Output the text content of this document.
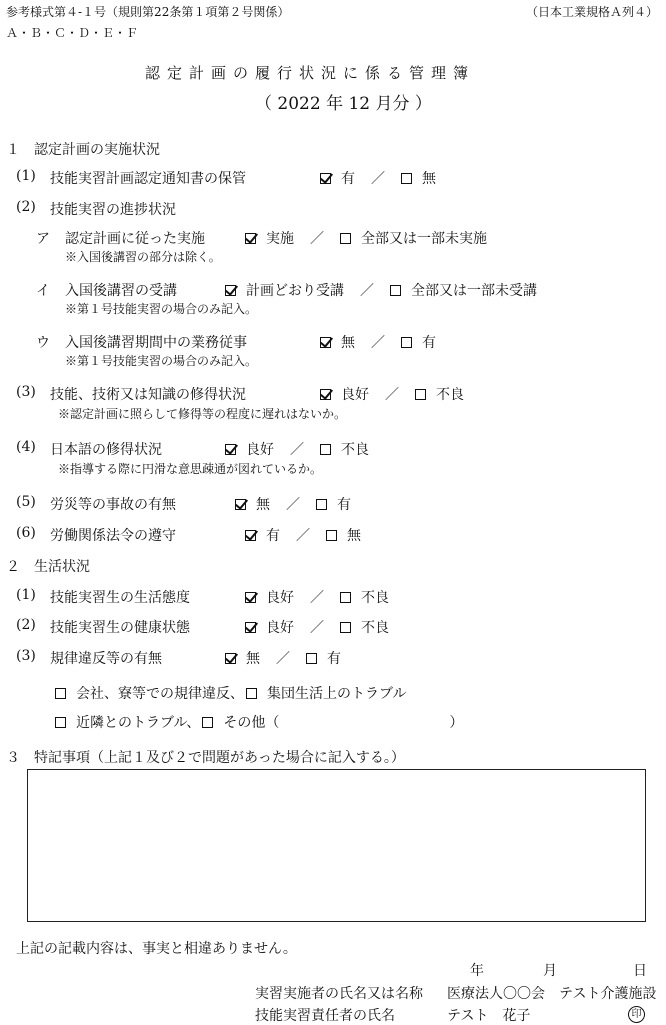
参考様式第４-１号（規則第22条第１項第２号関係）	（日本工業規格Ａ列４）
Ａ・Ｂ・Ｃ・Ｄ・Ｅ・Ｆ
認定計画の履行状況に係る管理簿
（ 2022 年 12 月分 ）
１　認定計画の実施状況
(1) 技能実習計画認定通知書の保管	有 ／	無
(2) 技能実習の進捗状況
ア 認定計画に従った実施	実施 ／	全部又は一部未実施
※入国後講習の部分は除く。
イ 入国後講習の受講	計画どおり受講 ／	全部又は一部未受講
※第１号技能実習の場合のみ記入。
ウ 入国後講習期間中の業務従事	無 ／	有
※第１号技能実習の場合のみ記入。
(3) 技能、技術又は知識の修得状況	良好 ／	不良
※認定計画に照らして修得等の程度に遅れはないか。
(4) 日本語の修得状況	良好 ／	不良
※指導する際に円滑な意思疎通が図れているか。
(5) 労災等の事故の有無	無 ／	有
(6) 労働関係法令の遵守	有 ／	無
２　生活状況
(1) 技能実習生の生活態度	良好 ／	不良
(2) 技能実習生の健康状態	良好 ／	不良
(3) 規律違反等の有無	無 ／	有
会社、寮等での規律違反、 集団生活上のトラブル
近隣とのトラブル、 その他（	）
３　特記事項（上記１及び２で問題があった場合に記入する。）
上記の記載内容は、事実と相違ありません。
年	月	日
実習実施者の氏名又は名称 医療法人〇〇会　テスト介護施設
技能実習責任者の氏名	テスト　花子	印
